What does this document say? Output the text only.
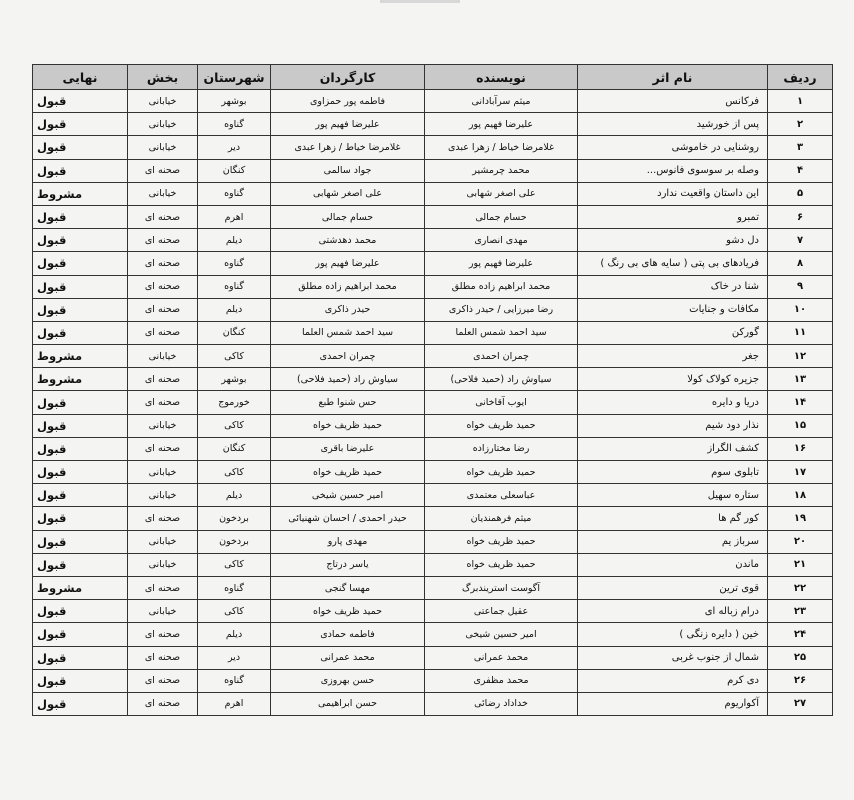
ردیف	نام اثر	نویسنده	کارگردان	شهرستان	بخش	نهایی
۱	فرکانس	میثم سرآبادانی	فاطمه پور حمزاوی	بوشهر	خیابانی	قبول
۲	پس از خورشید	علیرضا فهیم پور	علیرضا فهیم پور	گناوه	خیابانی	قبول
۳	روشنایی در خاموشی	غلامرضا خیاط / زهرا عبدی	غلامرضا خیاط / زهرا عبدی	دیر	خیابانی	قبول
۴	وصله بر سوسوی فانوس...	محمد چرمشیر	جواد سالمی	کنگان	صحنه ای	قبول
۵	این داستان واقعیت ندارد	علی اصغر شهابی	علی اصغر شهابی	گناوه	خیابانی	مشروط
۶	تمبرو	حسام جمالی	حسام جمالی	اهرم	صحنه ای	قبول
۷	دل دشو	مهدی انصاری	محمد دهدشتی	دیلم	صحنه ای	قبول
۸	فریادهای بی پتی ( سایه های بی رنگ )	علیرضا فهیم پور	علیرضا فهیم پور	گناوه	صحنه ای	قبول
۹	شنا در خاک	محمد ابراهیم زاده مطلق	محمد ابراهیم زاده مطلق	گناوه	صحنه ای	قبول
۱۰	مکافات و جنایات	رضا میرزایی / حیدر ذاکری	حیدر ذاکری	دیلم	صحنه ای	قبول
۱۱	گورکن	سید احمد شمس العلما	سید احمد شمس العلما	کنگان	صحنه ای	قبول
۱۲	جغر	چمران احمدی	چمران احمدی	کاکی	خیابانی	مشروط
۱۳	جزیره کولاک کولا	سیاوش راد (حمید فلاحی)	سیاوش راد (حمید فلاحی)	بوشهر	صحنه ای	مشروط
۱۴	دریا و دایره	ایوب آقاخانی	حس شنوا طبع	خورموج	صحنه ای	قبول
۱۵	نذار دود شیم	حمید ظریف خواه	حمید ظریف خواه	کاکی	خیابانی	قبول
۱۶	کشف الگراز	رضا مختارزاده	علیرضا باقری	کنگان	صحنه ای	قبول
۱۷	تابلوی سوم	حمید ظریف خواه	حمید ظریف خواه	کاکی	خیابانی	قبول
۱۸	ستاره سهیل	عباسعلی معتمدی	امیر حسین شیخی	دیلم	خیابانی	قبول
۱۹	کور گم ها	میثم فرهمندیان	حیدر احمدی / احسان شهنیائی	بردخون	صحنه ای	قبول
۲۰	سرباز یم	حمید ظریف خواه	مهدی پارو	بردخون	خیابانی	قبول
۲۱	ماندن	حمید ظریف خواه	یاسر درتاج	کاکی	خیابانی	قبول
۲۲	قوی ترین	آگوست استریندبرگ	مهسا گنجی	گناوه	صحنه ای	مشروط
۲۳	درام زباله ای	عقیل جماعتی	حمید ظریف خواه	کاکی	خیابانی	قبول
۲۴	خین ( دایره زنگی )	امیر حسین شیخی	فاطمه حمادی	دیلم	صحنه ای	قبول
۲۵	شمال از جنوب غربی	محمد عمرانی	محمد عمرانی	دیر	صحنه ای	قبول
۲۶	دی کرم	محمد مظفری	حسن بهروزی	گناوه	صحنه ای	قبول
۲۷	آکواریوم	خداداد رضائی	حسن ابراهیمی	اهرم	صحنه ای	قبول
